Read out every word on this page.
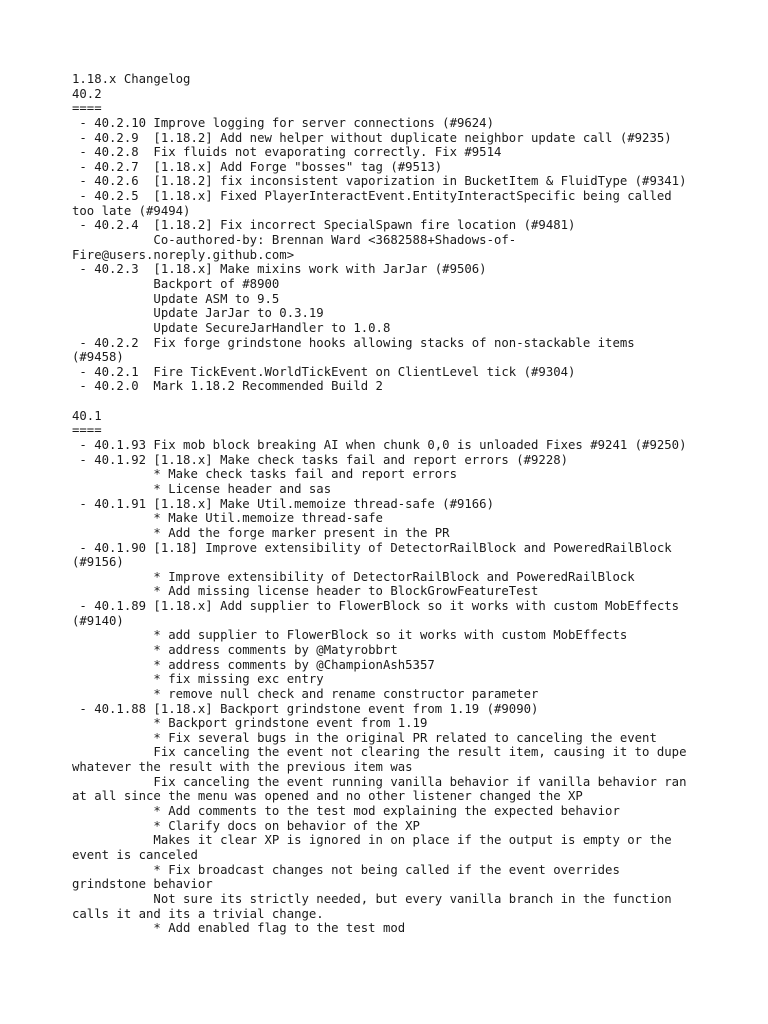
1.18.x Changelog
40.2
====
- 40.2.10 Improve logging for server connections (#9624)
- 40.2.9  [1.18.2] Add new helper without duplicate neighbor update call (#9235)
- 40.2.8  Fix fluids not evaporating correctly. Fix #9514
- 40.2.7  [1.18.x] Add Forge "bosses" tag (#9513)
- 40.2.6  [1.18.2] fix inconsistent vaporization in BucketItem & FluidType (#9341)
- 40.2.5  [1.18.x] Fixed PlayerInteractEvent.EntityInteractSpecific being called
too late (#9494)
- 40.2.4  [1.18.2] Fix incorrect SpecialSpawn fire location (#9481)
Co-authored-by: Brennan Ward <3682588+Shadows-of-
Fire@users.noreply.github.com>
- 40.2.3  [1.18.x] Make mixins work with JarJar (#9506)
Backport of #8900
Update ASM to 9.5
Update JarJar to 0.3.19
Update SecureJarHandler to 1.0.8
- 40.2.2  Fix forge grindstone hooks allowing stacks of non-stackable items
(#9458)
- 40.2.1  Fire TickEvent.WorldTickEvent on ClientLevel tick (#9304)
- 40.2.0  Mark 1.18.2 Recommended Build 2
40.1
====
- 40.1.93 Fix mob block breaking AI when chunk 0,0 is unloaded Fixes #9241 (#9250)
- 40.1.92 [1.18.x] Make check tasks fail and report errors (#9228)
* Make check tasks fail and report errors
* License header and sas
- 40.1.91 [1.18.x] Make Util.memoize thread-safe (#9166)
* Make Util.memoize thread-safe
* Add the forge marker present in the PR
- 40.1.90 [1.18] Improve extensibility of DetectorRailBlock and PoweredRailBlock
(#9156)
* Improve extensibility of DetectorRailBlock and PoweredRailBlock
* Add missing license header to BlockGrowFeatureTest
- 40.1.89 [1.18.x] Add supplier to FlowerBlock so it works with custom MobEffects
(#9140)
* add supplier to FlowerBlock so it works with custom MobEffects
* address comments by @Matyrobbrt
* address comments by @ChampionAsh5357
* fix missing exc entry
* remove null check and rename constructor parameter
- 40.1.88 [1.18.x] Backport grindstone event from 1.19 (#9090)
* Backport grindstone event from 1.19
* Fix several bugs in the original PR related to canceling the event
Fix canceling the event not clearing the result item, causing it to dupe
whatever the result with the previous item was
Fix canceling the event running vanilla behavior if vanilla behavior ran
at all since the menu was opened and no other listener changed the XP
* Add comments to the test mod explaining the expected behavior
* Clarify docs on behavior of the XP
Makes it clear XP is ignored in on place if the output is empty or the
event is canceled
* Fix broadcast changes not being called if the event overrides
grindstone behavior
Not sure its strictly needed, but every vanilla branch in the function
calls it and its a trivial change.
* Add enabled flag to the test mod
